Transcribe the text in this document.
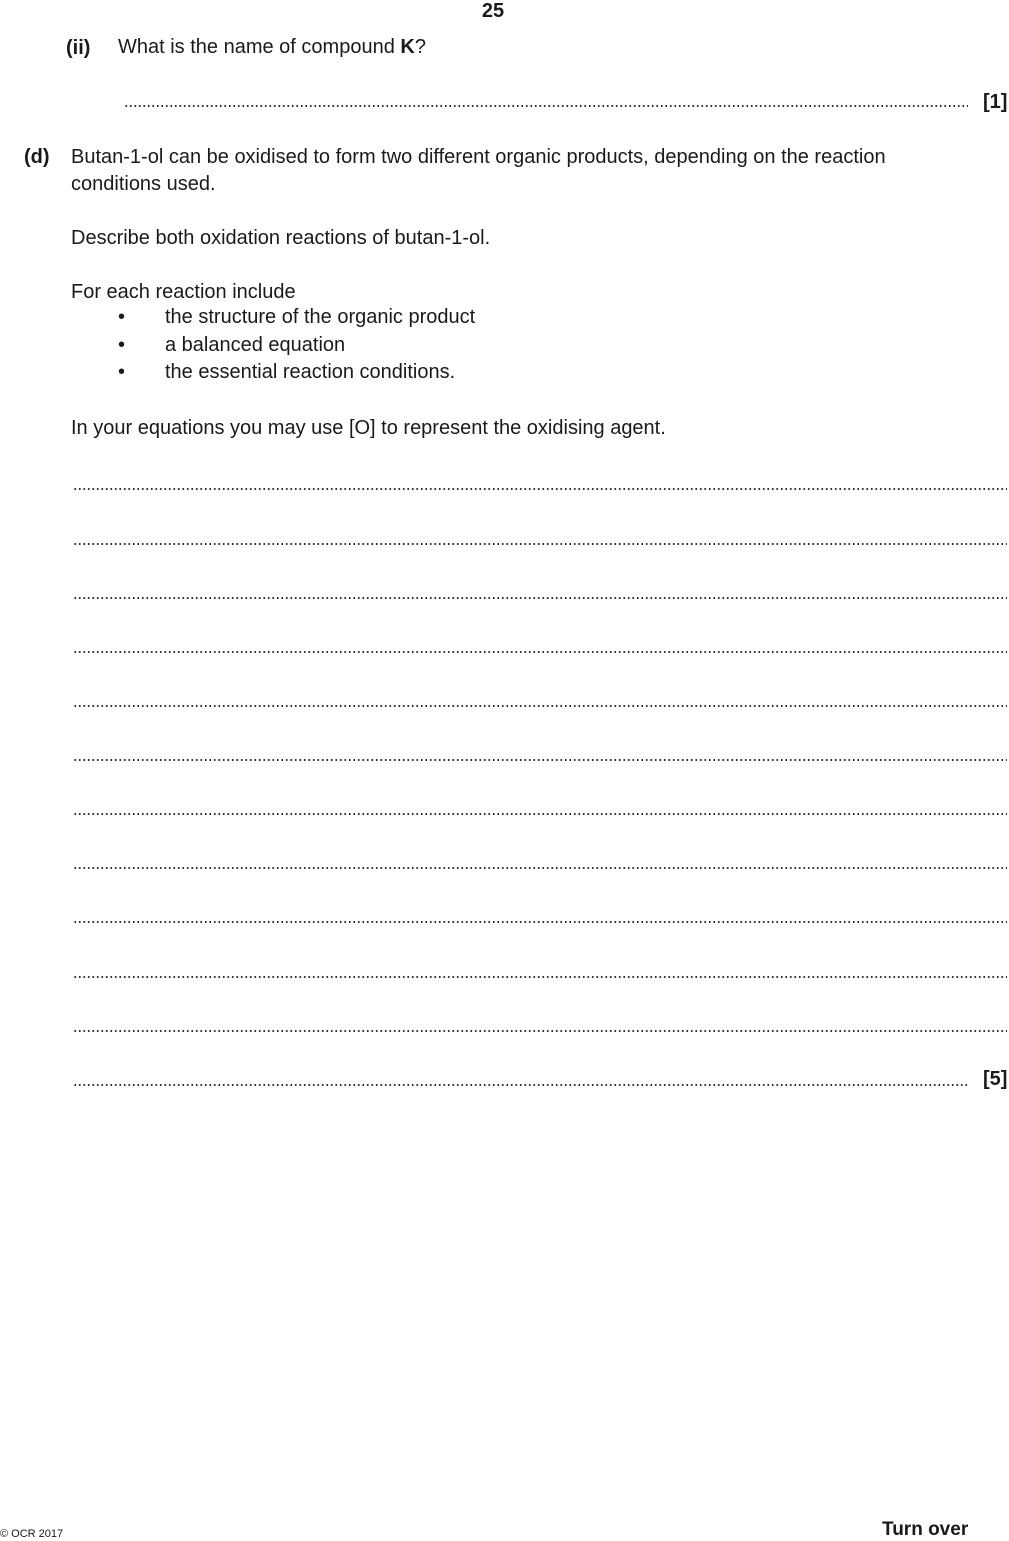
25
(ii) What is the name of compound K?
[1]
(d) Butan-1-ol can be oxidised to form two different organic products, depending on the reaction
conditions used.
Describe both oxidation reactions of butan-1-ol.
For each reaction include
• the structure of the organic product
• a balanced equation
• the essential reaction conditions.
In your equations you may use [O] to represent the oxidising agent.
[5]
© OCR 2017	Turn over
